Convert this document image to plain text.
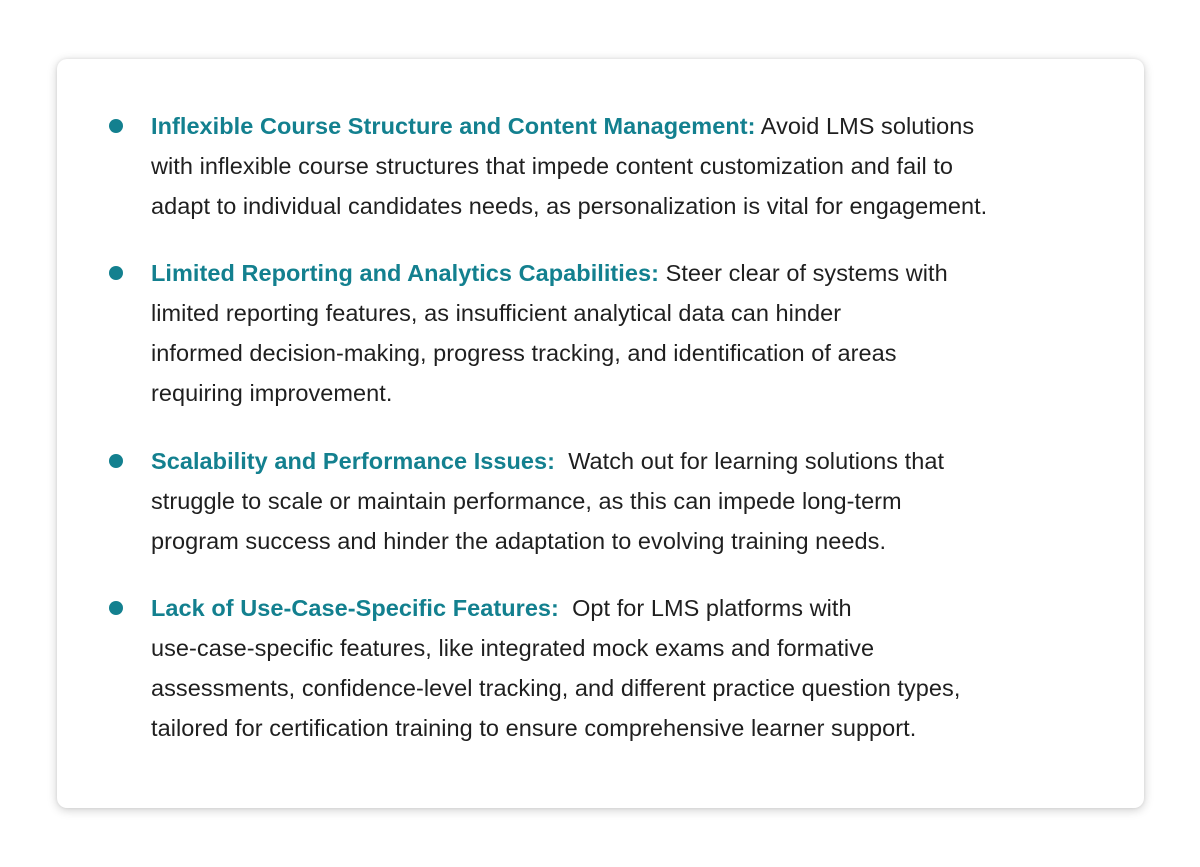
Inflexible Course Structure and Content Management: Avoid LMS solutions
with inflexible course structures that impede content customization and fail to
adapt to individual candidates needs, as personalization is vital for engagement.
Limited Reporting and Analytics Capabilities: Steer clear of systems with
limited reporting features, as insufficient analytical data can hinder
informed decision-making, progress tracking, and identification of areas
requiring improvement.
Scalability and Performance Issues:  Watch out for learning solutions that
struggle to scale or maintain performance, as this can impede long-term
program success and hinder the adaptation to evolving training needs.
Lack of Use-Case-Specific Features:  Opt for LMS platforms with
use-case-specific features, like integrated mock exams and formative
assessments, confidence-level tracking, and different practice question types,
tailored for certification training to ensure comprehensive learner support.
